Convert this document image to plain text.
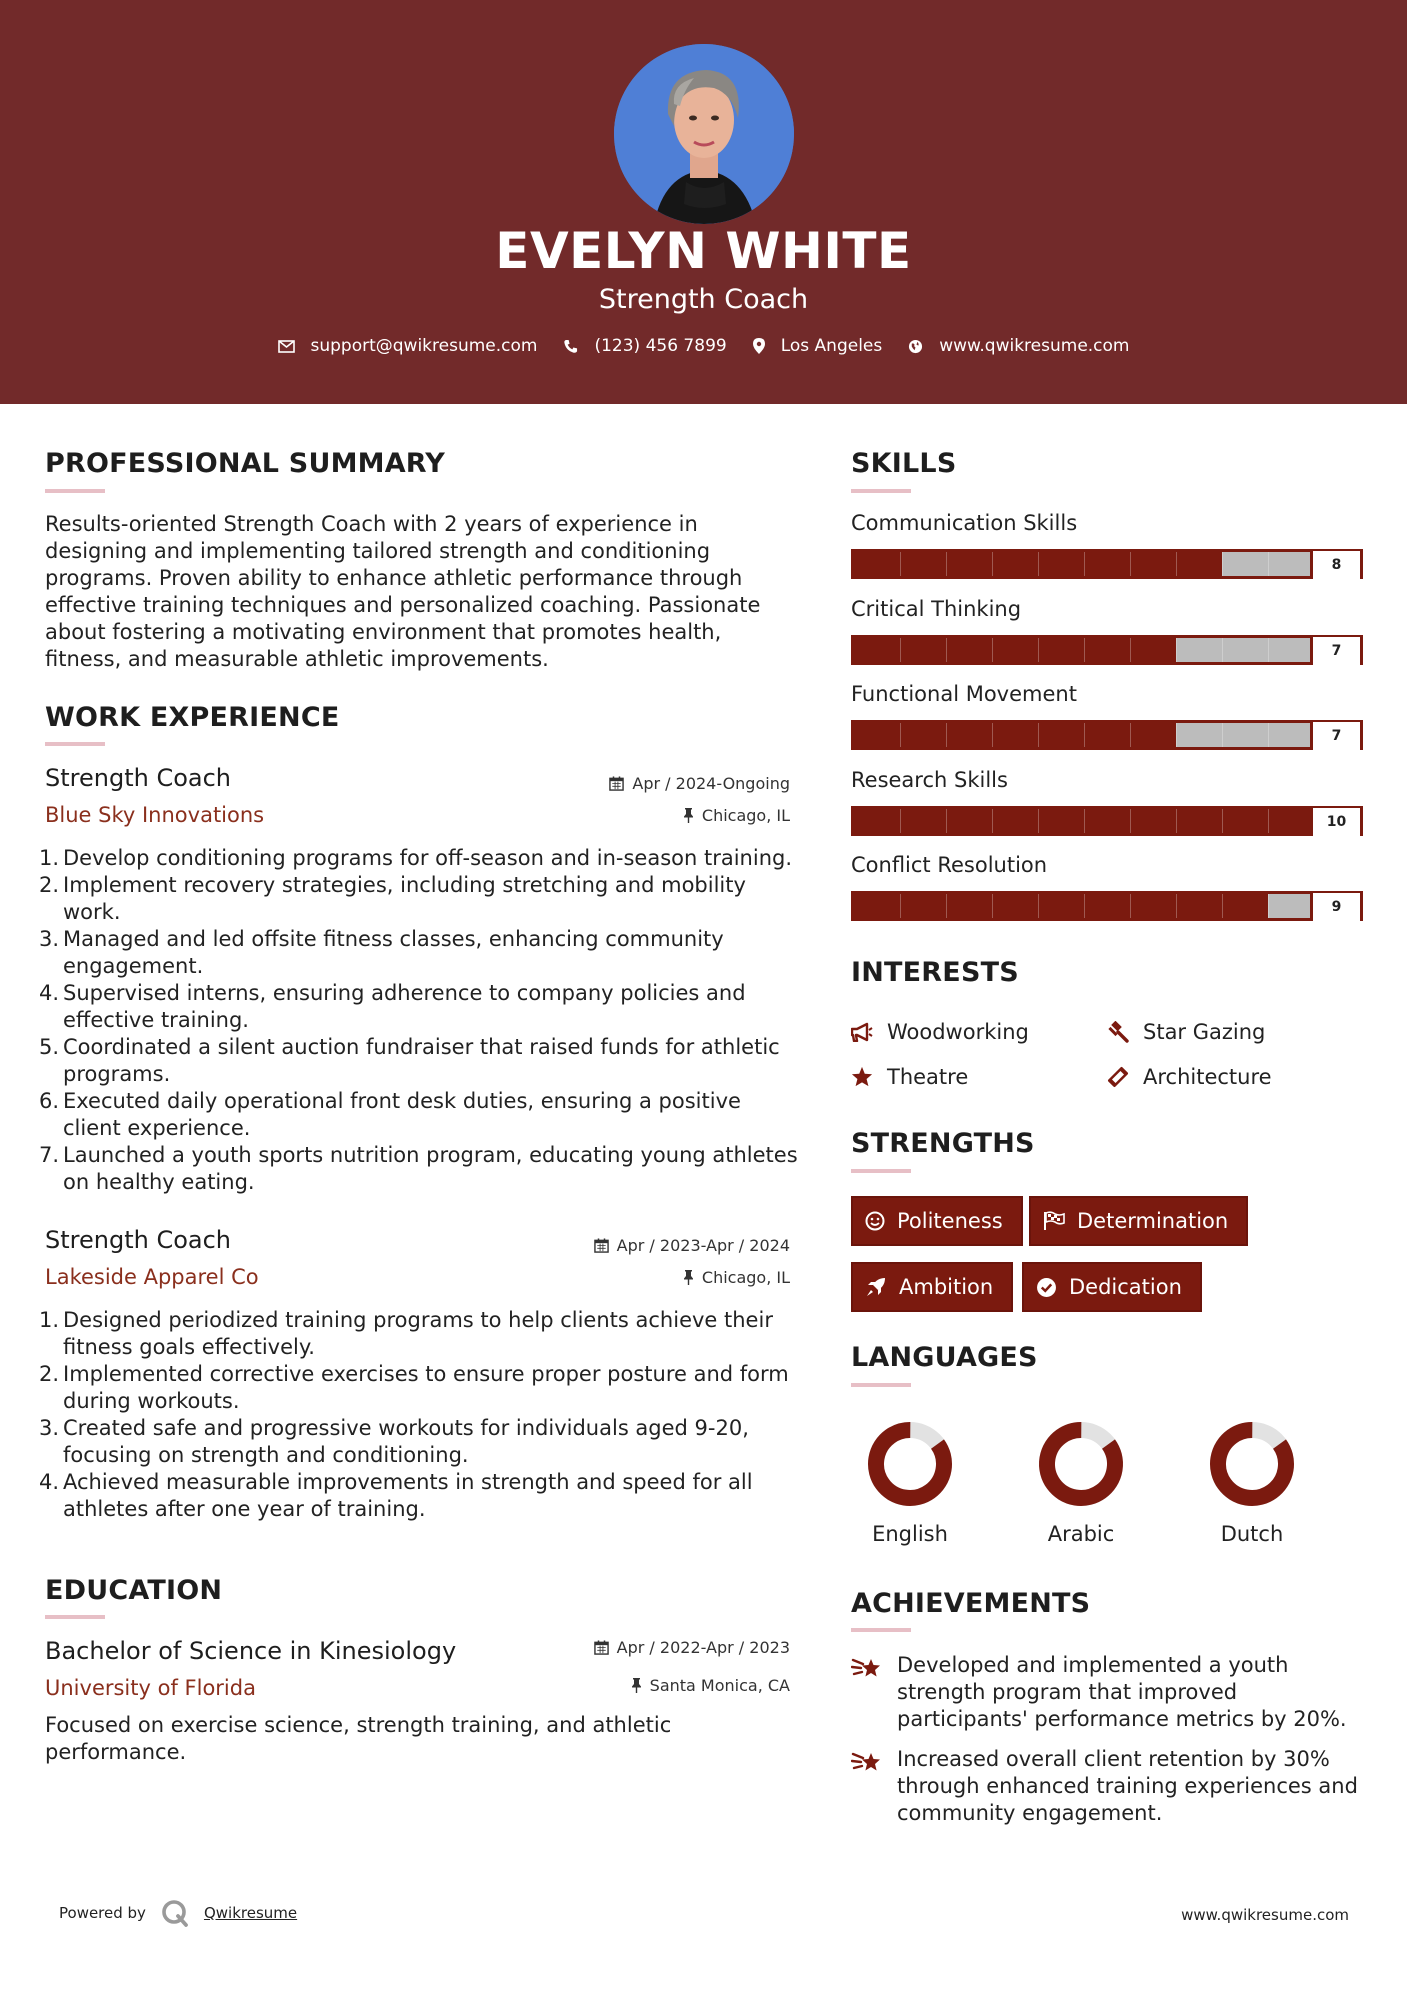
EVELYN WHITE
Strength Coach
support@qwikresume.com	(123) 456 7899	Los Angeles	www.qwikresume.com
PROFESSIONAL SUMMARY
Results-oriented Strength Coach with 2 years of experience in designing and implementing tailored strength and conditioning programs. Proven ability to enhance athletic performance through effective training techniques and personalized coaching. Passionate about fostering a motivating environment that promotes health, fitness, and measurable athletic improvements.
WORK EXPERIENCE
Strength Coach
Blue Sky Innovations
Apr / 2024-Ongoing
Chicago, IL
1. Develop conditioning programs for off-season and in-season training.
2. Implement recovery strategies, including stretching and mobility work.
3. Managed and led offsite fitness classes, enhancing community engagement.
4. Supervised interns, ensuring adherence to company policies and effective training.
5. Coordinated a silent auction fundraiser that raised funds for athletic programs.
6. Executed daily operational front desk duties, ensuring a positive client experience.
7. Launched a youth sports nutrition program, educating young athletes on healthy eating.
Strength Coach
Lakeside Apparel Co
Apr / 2023-Apr / 2024
Chicago, IL
1. Designed periodized training programs to help clients achieve their fitness goals effectively.
2. Implemented corrective exercises to ensure proper posture and form during workouts.
3. Created safe and progressive workouts for individuals aged 9-20, focusing on strength and conditioning.
4. Achieved measurable improvements in strength and speed for all athletes after one year of training.
EDUCATION
Bachelor of Science in Kinesiology
University of Florida
Apr / 2022-Apr / 2023
Santa Monica, CA
Focused on exercise science, strength training, and athletic performance.
SKILLS
Communication Skills
8
Critical Thinking
7
Functional Movement
7
Research Skills
10
Conflict Resolution
9
INTERESTS
Woodworking	Star Gazing
Theatre	Architecture
STRENGTHS
Politeness	Determination
Ambition	Dedication
LANGUAGES
English	Arabic	Dutch
ACHIEVEMENTS
Developed and implemented a youth strength program that improved participants' performance metrics by 20%.
Increased overall client retention by 30% through enhanced training experiences and community engagement.
Powered by	Qwikresume	www.qwikresume.com
